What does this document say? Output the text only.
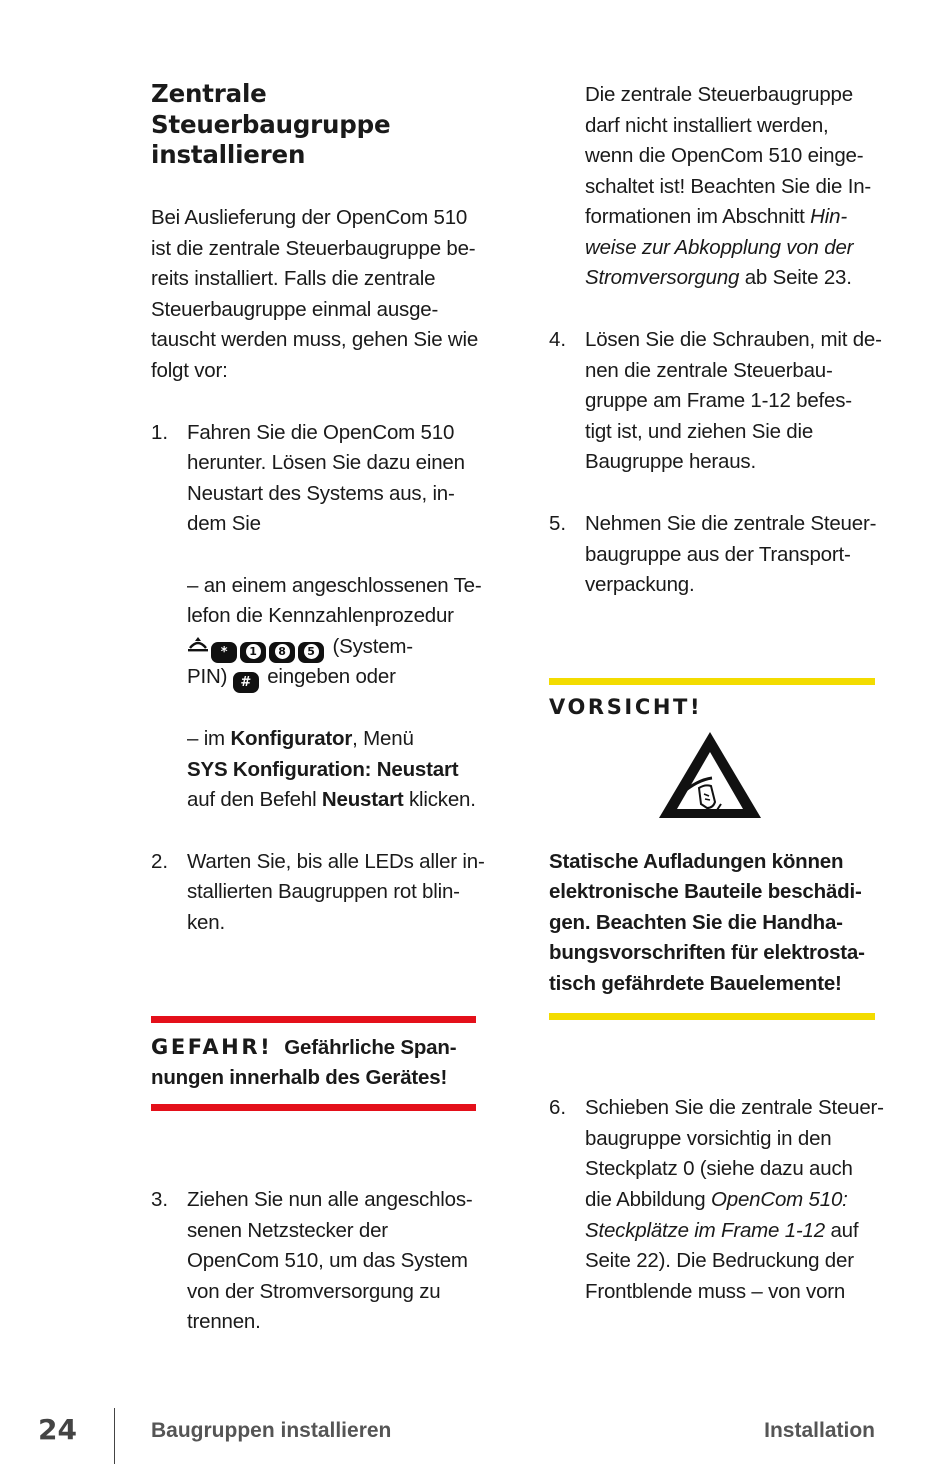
Zentrale
Steuerbaugruppe
installieren
Bei Auslieferung der OpenCom 510
ist die zentrale Steuerbaugruppe be-
reits installiert. Falls die zentrale
Steuerbaugruppe einmal ausge-
tauscht werden muss, gehen Sie wie
folgt vor:
1. Fahren Sie die OpenCom 510
herunter. Lösen Sie dazu einen
Neustart des Systems aus, in-
dem Sie
– an einem angeschlossenen Te-
lefon die Kennzahlenprozedur
* 1 8 5 (System-
PIN) # eingeben oder
– im Konfigurator, Menü
SYS Konfiguration: Neustart
auf den Befehl Neustart klicken.
2. Warten Sie, bis alle LEDs aller in-
stallierten Baugruppen rot blin-
ken.
GEFAHR! Gefährliche Span-
nungen innerhalb des Gerätes!
3. Ziehen Sie nun alle angeschlos-
senen Netzstecker der
OpenCom 510, um das System
von der Stromversorgung zu
trennen.
Die zentrale Steuerbaugruppe
darf nicht installiert werden,
wenn die OpenCom 510 einge-
schaltet ist! Beachten Sie die In-
formationen im Abschnitt Hin-
weise zur Abkopplung von der
Stromversorgung ab Seite 23.
4. Lösen Sie die Schrauben, mit de-
nen die zentrale Steuerbau-
gruppe am Frame 1-12 befes-
tigt ist, und ziehen Sie die
Baugruppe heraus.
5. Nehmen Sie die zentrale Steuer-
baugruppe aus der Transport-
verpackung.
VORSICHT!
Statische Aufladungen können
elektronische Bauteile beschädi-
gen. Beachten Sie die Handha-
bungsvorschriften für elektrosta-
tisch gefährdete Bauelemente!
6. Schieben Sie die zentrale Steuer-
baugruppe vorsichtig in den
Steckplatz 0 (siehe dazu auch
die Abbildung OpenCom 510:
Steckplätze im Frame 1-12 auf
Seite 22). Die Bedruckung der
Frontblende muss – von vorn
24	Baugruppen installieren	Installation
